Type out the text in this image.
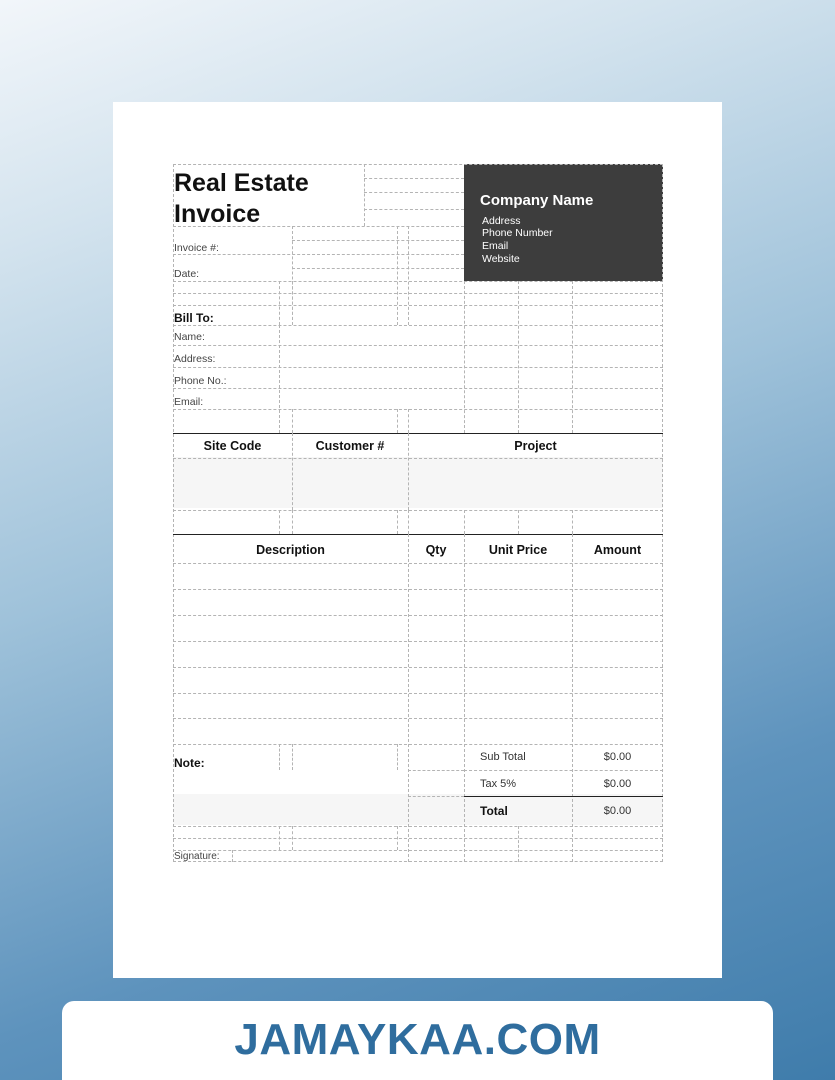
Company Name
Address
Phone Number
Email
Website
Real Estate
Invoice
Invoice #:
Date:
Bill To:
Name:
Address:
Phone No.:
Email:
Site Code	Customer #	Project
Description	Qty	Unit Price	Amount
Note:	Sub Total	$0.00
Tax 5%	$0.00
Total	$0.00
Signature:
JAMAYKAA.COM
